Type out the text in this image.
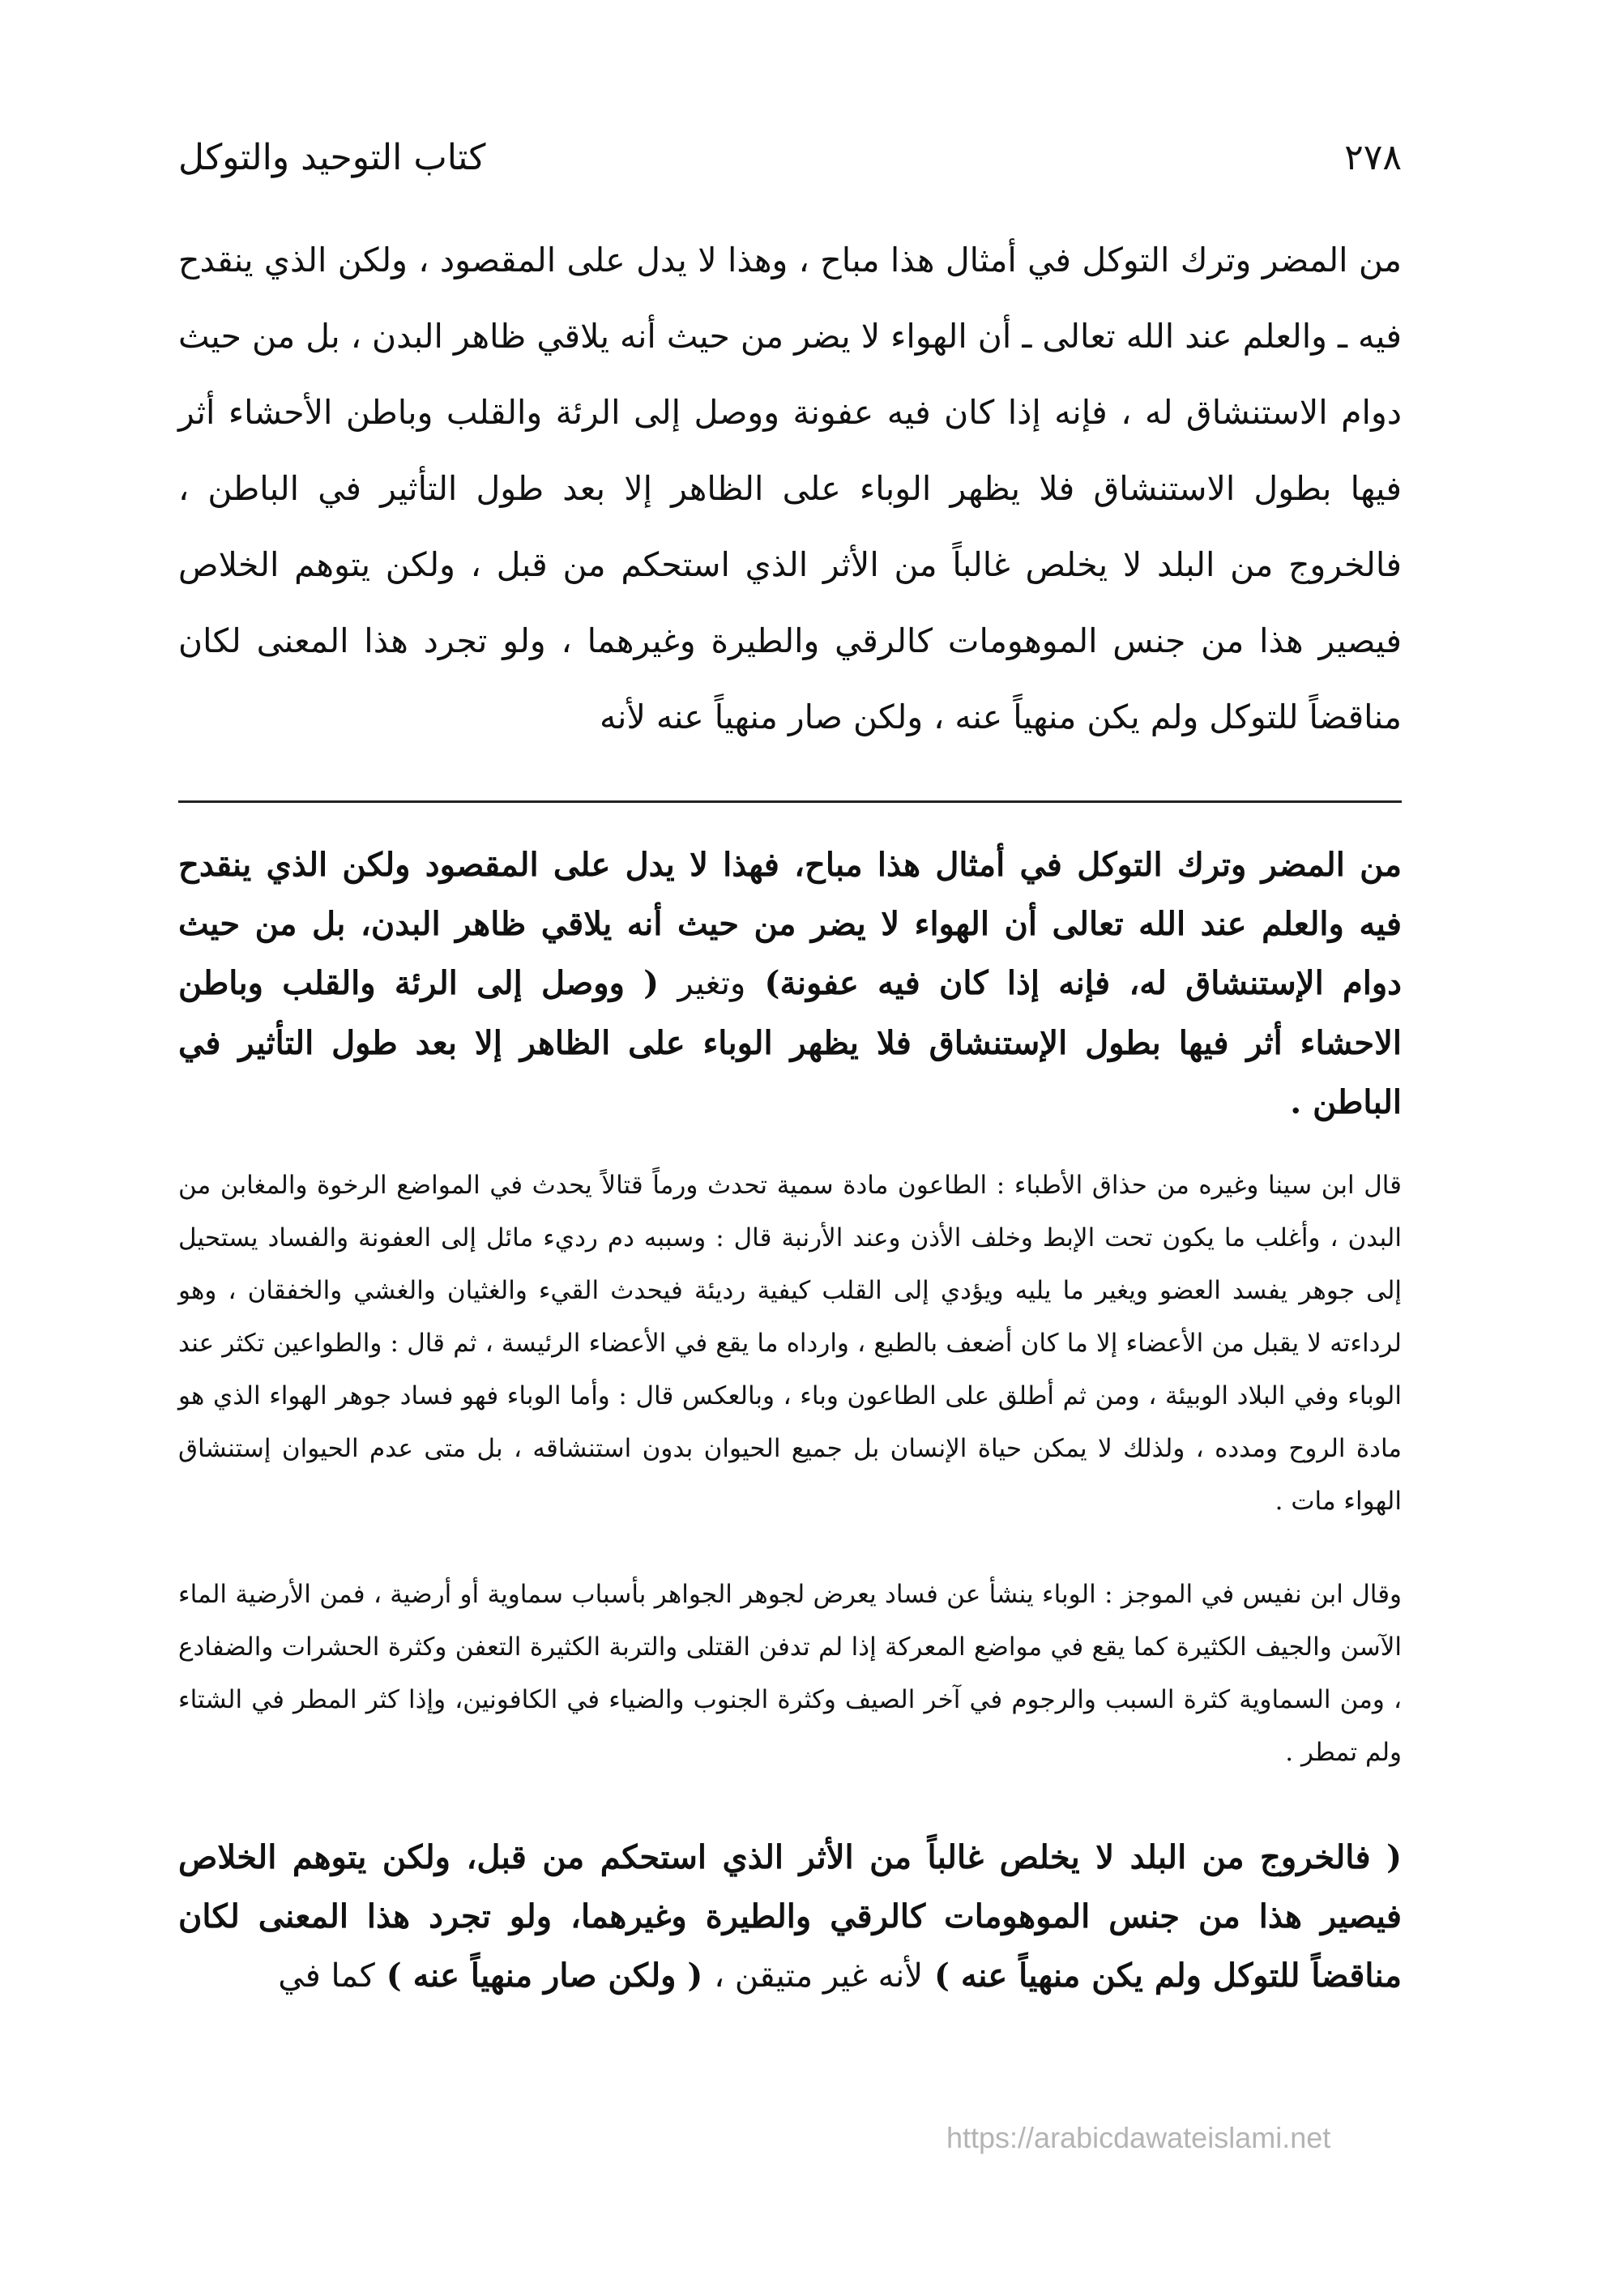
٢٧٨
كتاب التوحيد والتوكل

من المضر وترك التوكل في أمثال هذا مباح ، وهذا لا يدل على المقصود ، ولكن الذي ينقدح فيه ـ والعلم عند الله تعالى ـ أن الهواء لا يضر من حيث أنه يلاقي ظاهر البدن ، بل من حيث دوام الاستنشاق له ، فإنه إذا كان فيه عفونة ووصل إلى الرئة والقلب وباطن الأحشاء أثر فيها بطول الاستنشاق فلا يظهر الوباء على الظاهر إلا بعد طول التأثير في الباطن ، فالخروج من البلد لا يخلص غالباً من الأثر الذي استحكم من قبل ، ولكن يتوهم الخلاص فيصير هذا من جنس الموهومات كالرقي والطيرة وغيرهما ، ولو تجرد هذا المعنى لكان مناقضاً للتوكل ولم يكن منهياً عنه ، ولكن صار منهياً عنه لأنه

من المضر وترك التوكل في أمثال هذا مباح، فهذا لا يدل على المقصود ولكن الذي ينقدح فيه والعلم عند الله تعالى أن الهواء لا يضر من حيث أنه يلاقي ظاهر البدن، بل من حيث دوام الإستنشاق له، فإنه إذا كان فيه عفونة) وتغير ( ووصل إلى الرئة والقلب وباطن الاحشاء أثر فيها بطول الإستنشاق فلا يظهر الوباء على الظاهر إلا بعد طول التأثير في الباطن .

قال ابن سينا وغيره من حذاق الأطباء : الطاعون مادة سمية تحدث ورماً قتالاً يحدث في المواضع الرخوة والمغابن من البدن ، وأغلب ما يكون تحت الإبط وخلف الأذن وعند الأرنبة قال : وسببه دم رديء مائل إلى العفونة والفساد يستحيل إلى جوهر يفسد العضو ويغير ما يليه ويؤدي إلى القلب كيفية رديئة فيحدث القيء والغثيان والغشي والخفقان ، وهو لرداءته لا يقبل من الأعضاء إلا ما كان أضعف بالطبع ، وارداه ما يقع في الأعضاء الرئيسة ، ثم قال : والطواعين تكثر عند الوباء وفي البلاد الوبيئة ، ومن ثم أطلق على الطاعون وباء ، وبالعكس قال : وأما الوباء فهو فساد جوهر الهواء الذي هو مادة الروح ومدده ، ولذلك لا يمكن حياة الإنسان بل جميع الحيوان بدون استنشاقه ، بل متى عدم الحيوان إستنشاق الهواء مات .

وقال ابن نفيس في الموجز : الوباء ينشأ عن فساد يعرض لجوهر الجواهر بأسباب سماوية أو أرضية ، فمن الأرضية الماء الآسن والجيف الكثيرة كما يقع في مواضع المعركة إذا لم تدفن القتلى والتربة الكثيرة التعفن وكثرة الحشرات والضفادع ، ومن السماوية كثرة السبب والرجوم في آخر الصيف وكثرة الجنوب والضياء في الكافونين، وإذا كثر المطر في الشتاء ولم تمطر .

( فالخروج من البلد لا يخلص غالباً من الأثر الذي استحكم من قبل، ولكن يتوهم الخلاص فيصير هذا من جنس الموهومات كالرقي والطيرة وغيرهما، ولو تجرد هذا المعنى لكان مناقضاً للتوكل ولم يكن منهياً عنه ) لأنه غير متيقن ، ( ولكن صار منهياً عنه ) كما في

https://arabicdawateislami.net
